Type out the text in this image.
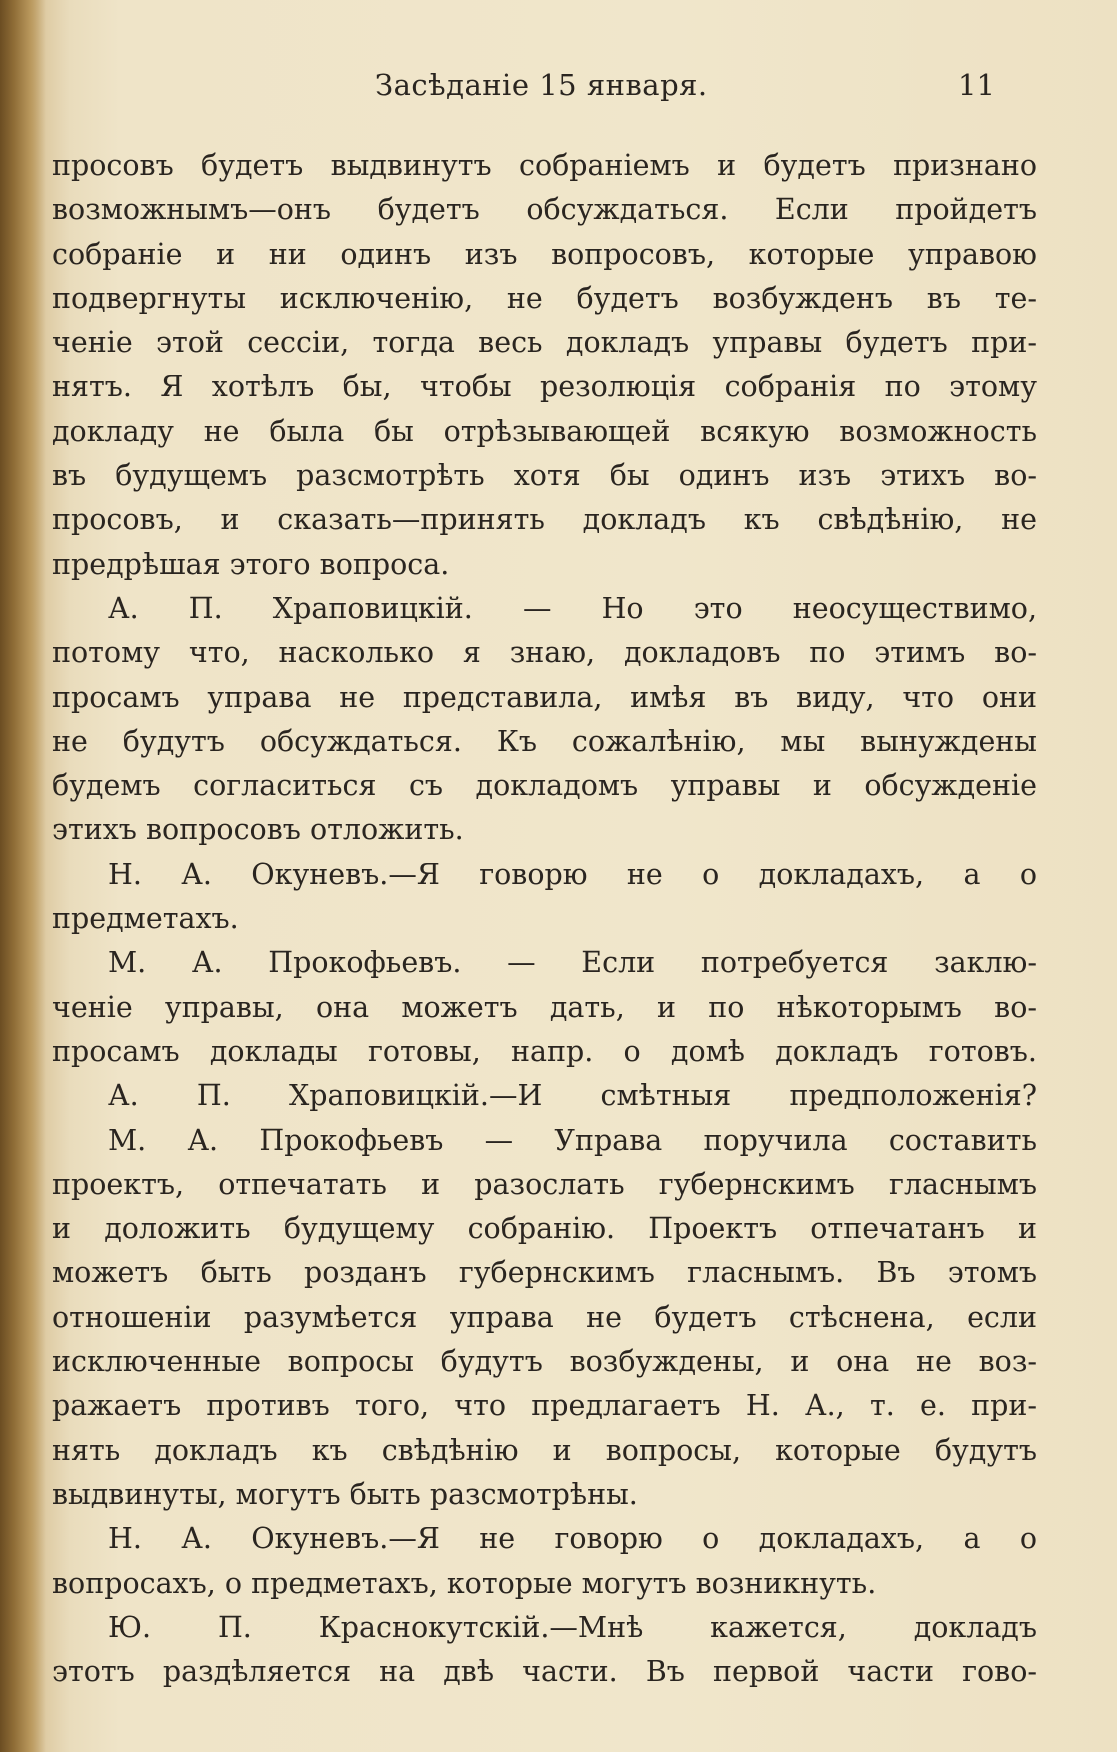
Засѣданіе 15 января.	11
просовъ будетъ выдвинутъ собраніемъ и будетъ признано
возможнымъ—онъ будетъ обсуждаться. Если пройдетъ
собраніе и ни одинъ изъ вопросовъ, которые управою
подвергнуты исключенію, не будетъ возбужденъ въ те-
ченіе этой сессіи, тогда весь докладъ управы будетъ при-
нятъ. Я хотѣлъ бы, чтобы резолюція собранія по этому
докладу не была бы отрѣзывающей всякую возможность
въ будущемъ разсмотрѣть хотя бы одинъ изъ этихъ во-
просовъ, и сказать—принять докладъ къ свѣдѣнію, не
предрѣшая этого вопроса.
А. П. Храповицкій. — Но это неосуществимо,
потому что, насколько я знаю, докладовъ по этимъ во-
просамъ управа не представила, имѣя въ виду, что они
не будутъ обсуждаться. Къ сожалѣнію, мы вынуждены
будемъ согласиться съ докладомъ управы и обсужденіе
этихъ вопросовъ отложить.
Н. А. Окуневъ.—Я говорю не о докладахъ, а о
предметахъ.
М. А. Прокофьевъ. — Если потребуется заклю-
ченіе управы, она можетъ дать, и по нѣкоторымъ во-
просамъ доклады готовы, напр. о домѣ докладъ готовъ.
А. П. Храповицкій.—И смѣтныя предположенія?
М. А. Прокофьевъ — Управа поручила составить
проектъ, отпечатать и разослать губернскимъ гласнымъ
и доложить будущему собранію. Проектъ отпечатанъ и
можетъ быть розданъ губернскимъ гласнымъ. Въ этомъ
отношеніи разумѣется управа не будетъ стѣснена, если
исключенные вопросы будутъ возбуждены, и она не воз-
ражаетъ противъ того, что предлагаетъ Н. А., т. е. при-
нять докладъ къ свѣдѣнію и вопросы, которые будутъ
выдвинуты, могутъ быть разсмотрѣны.
Н. А. Окуневъ.—Я не говорю о докладахъ, а о
вопросахъ, о предметахъ, которые могутъ возникнуть.
Ю. П. Краснокутскій.—Мнѣ кажется, докладъ
этотъ раздѣляется на двѣ части. Въ первой части гово-
